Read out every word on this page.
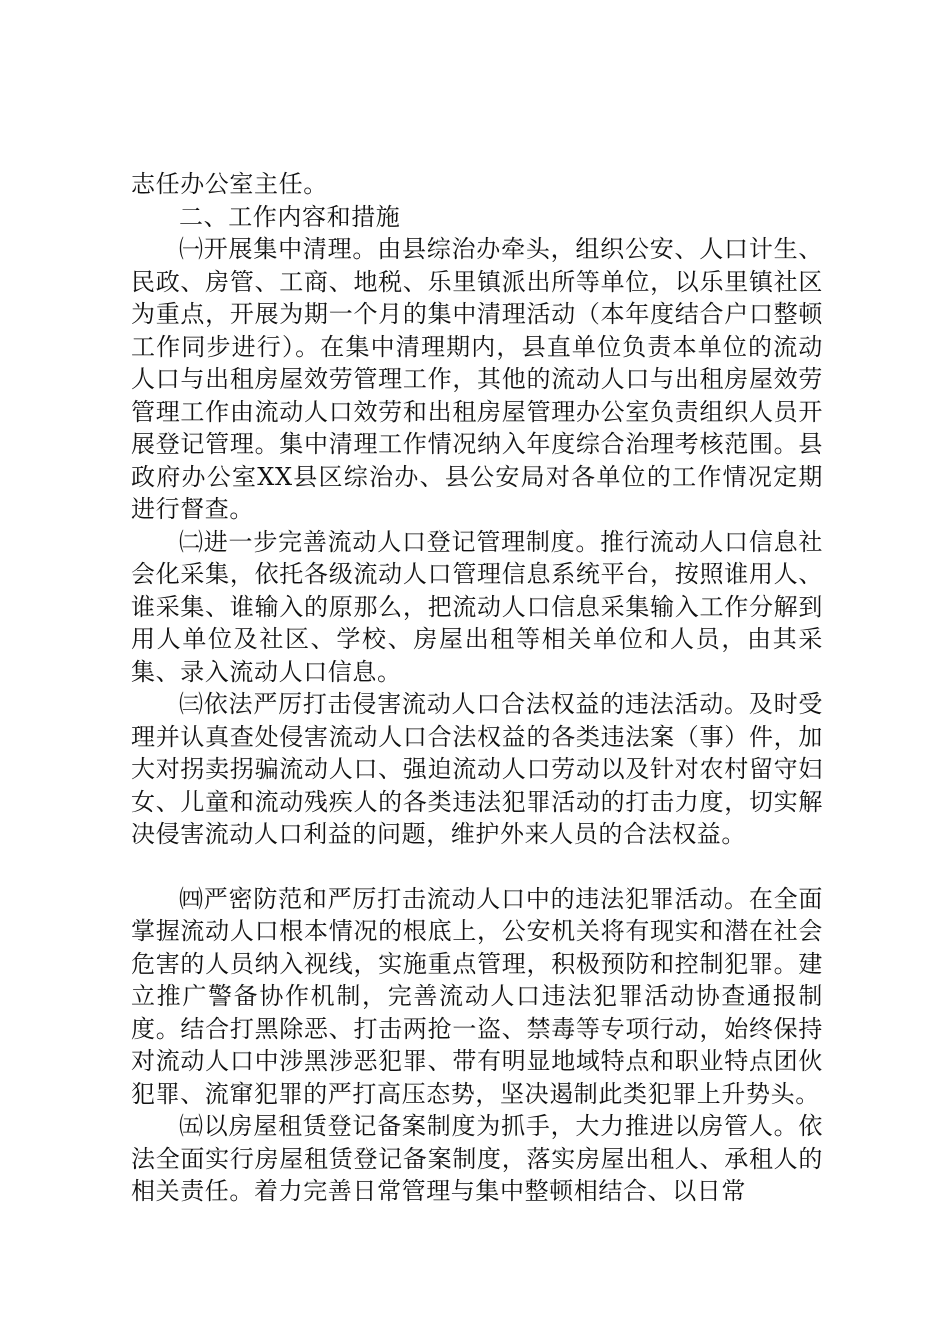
志任办公室主任。

二、工作内容和措施

㈠开展集中清理。由县综治办牵头，组织公安、人口计生、民政、房管、工商、地税、乐里镇派出所等单位，以乐里镇社区为重点，开展为期一个月的集中清理活动（本年度结合户口整顿工作同步进行）。在集中清理期内，县直单位负责本单位的流动人口与出租房屋效劳管理工作，其他的流动人口与出租房屋效劳管理工作由流动人口效劳和出租房屋管理办公室负责组织人员开展登记管理。集中清理工作情况纳入年度综合治理考核范围。县政府办公室XX县区综治办、县公安局对各单位的工作情况定期进行督查。

㈡进一步完善流动人口登记管理制度。推行流动人口信息社会化采集，依托各级流动人口管理信息系统平台，按照谁用人、谁采集、谁输入的原那么，把流动人口信息采集输入工作分解到用人单位及社区、学校、房屋出租等相关单位和人员，由其采集、录入流动人口信息。

㈢依法严厉打击侵害流动人口合法权益的违法活动。及时受理并认真查处侵害流动人口合法权益的各类违法案（事）件，加大对拐卖拐骗流动人口、强迫流动人口劳动以及针对农村留守妇女、儿童和流动残疾人的各类违法犯罪活动的打击力度，切实解决侵害流动人口利益的问题，维护外来人员的合法权益。

㈣严密防范和严厉打击流动人口中的违法犯罪活动。在全面掌握流动人口根本情况的根底上，公安机关将有现实和潜在社会危害的人员纳入视线，实施重点管理，积极预防和控制犯罪。建立推广警备协作机制，完善流动人口违法犯罪活动协查通报制度。结合打黑除恶、打击两抢一盗、禁毒等专项行动，始终保持对流动人口中涉黑涉恶犯罪、带有明显地域特点和职业特点团伙犯罪、流窜犯罪的严打高压态势，坚决遏制此类犯罪上升势头。

㈤以房屋租赁登记备案制度为抓手，大力推进以房管人。依法全面实行房屋租赁登记备案制度，落实房屋出租人、承租人的相关责任。着力完善日常管理与集中整顿相结合、以日常
